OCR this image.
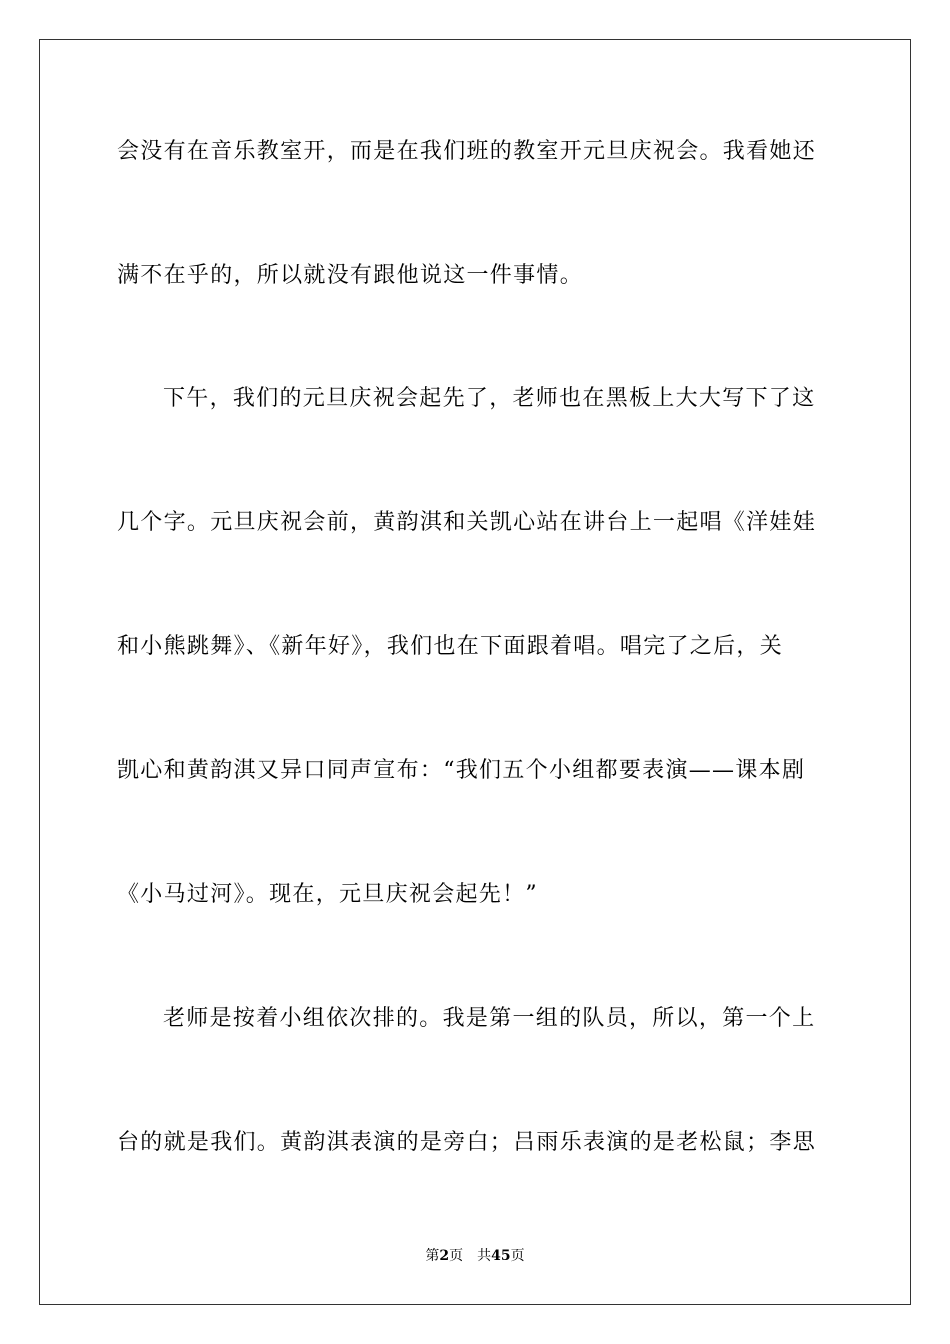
会没有在音乐教室开，而是在我们班的教室开元旦庆祝会。我看她还
满不在乎的，所以就没有跟他说这一件事情。
下午，我们的元旦庆祝会起先了，老师也在黑板上大大写下了这
几个字。元旦庆祝会前，黄韵淇和关凯心站在讲台上一起唱《洋娃娃
和小熊跳舞》、《新年好》，我们也在下面跟着唱。唱完了之后，关
凯心和黄韵淇又异口同声宣布：“我们五个小组都要表演——课本剧
《小马过河》。现在，元旦庆祝会起先！”
老师是按着小组依次排的。我是第一组的队员，所以，第一个上
台的就是我们。黄韵淇表演的是旁白；吕雨乐表演的是老松鼠；李思
第2页 共45页
